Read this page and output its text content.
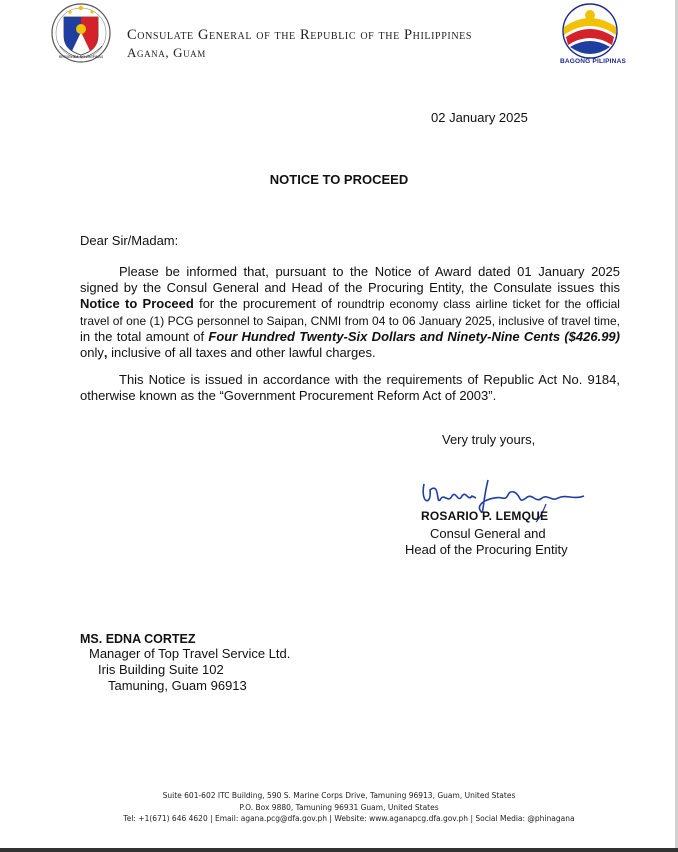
REPUBLIKA NG PILIPINAS
Consulate General of the Republic of the Philippines
Agana, Guam
BAGONG PILIPINAS
02 January 2025
NOTICE TO PROCEED
Dear Sir/Madam:
Please be informed that, pursuant to the Notice of Award dated 01 January 2025 signed by the Consul General and Head of the Procuring Entity, the Consulate issues this Notice to Proceed for the procurement of roundtrip economy class airline ticket for the official travel of one (1) PCG personnel to Saipan, CNMI from 04 to 06 January 2025, inclusive of travel time, in the total amount of Four Hundred Twenty-Six Dollars and Ninety-Nine Cents ($426.99) only, inclusive of all taxes and other lawful charges.
This Notice is issued in accordance with the requirements of Republic Act No. 9184, otherwise known as the “Government Procurement Reform Act of 2003”.
Very truly yours,
ROSARIO P. LEMQUE
Consul General and
Head of the Procuring Entity
MS. EDNA CORTEZ
Manager of Top Travel Service Ltd.
Iris Building Suite 102
Tamuning, Guam 96913
Suite 601-602 ITC Building, 590 S. Marine Corps Drive, Tamuning 96913, Guam, United States
P.O. Box 9880, Tamuning 96931 Guam, United States
Tel: +1(671) 646 4620 | Email: agana.pcg@dfa.gov.ph | Website: www.aganapcg.dfa.gov.ph | Social Media: @phinagana
